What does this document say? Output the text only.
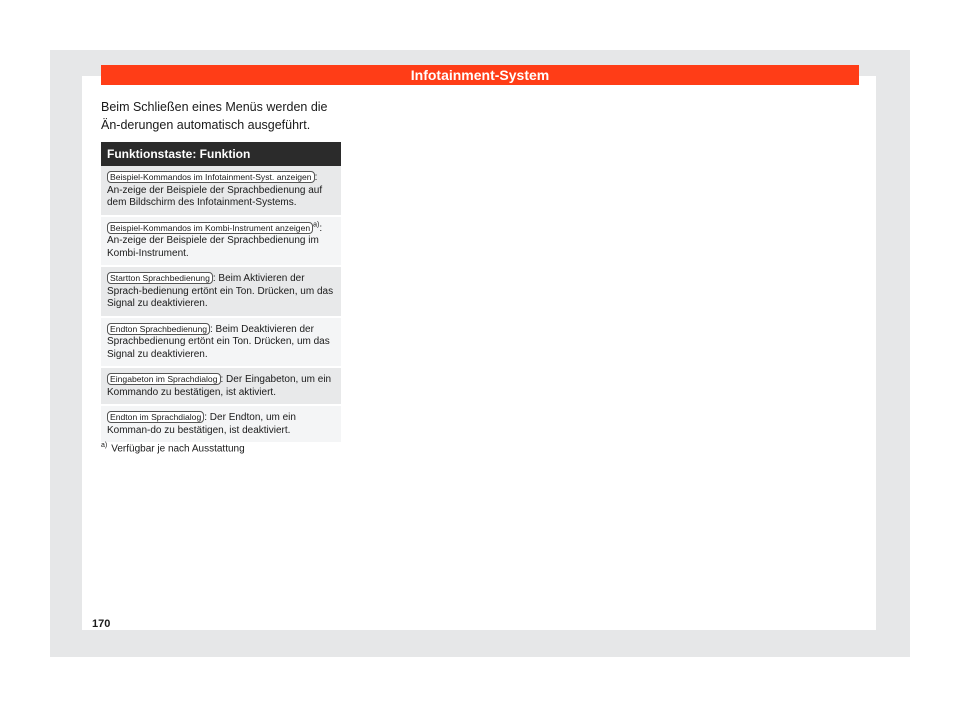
Infotainment-System
Beim Schließen eines Menüs werden die Än-derungen automatisch ausgeführt.
Funktionstaste: Funktion
Beispiel-Kommandos im Infotainment-Syst. anzeigen : An-zeige der Beispiele der Sprachbedienung auf dem Bildschirm des Infotainment-Systems.
Beispiel-Kommandos im Kombi-Instrument anzeigen $^{a)}$: An-zeige der Beispiele der Sprachbedienung im Kombi-Instrument.
Startton Sprachbedienung : Beim Aktivieren der Sprach-bedienung ertönt ein Ton. Drücken, um das Signal zu deaktivieren.
Endton Sprachbedienung : Beim Deaktivieren der Sprachbedienung ertönt ein Ton. Drücken, um das Signal zu deaktivieren.
Eingabeton im Sprachdialog : Der Eingabeton, um ein Kommando zu bestätigen, ist aktiviert.
Endton im Sprachdialog : Der Endton, um ein Komman-do zu bestätigen, ist deaktiviert.
$^{a)}$ Verfügbar je nach Ausstattung
170
